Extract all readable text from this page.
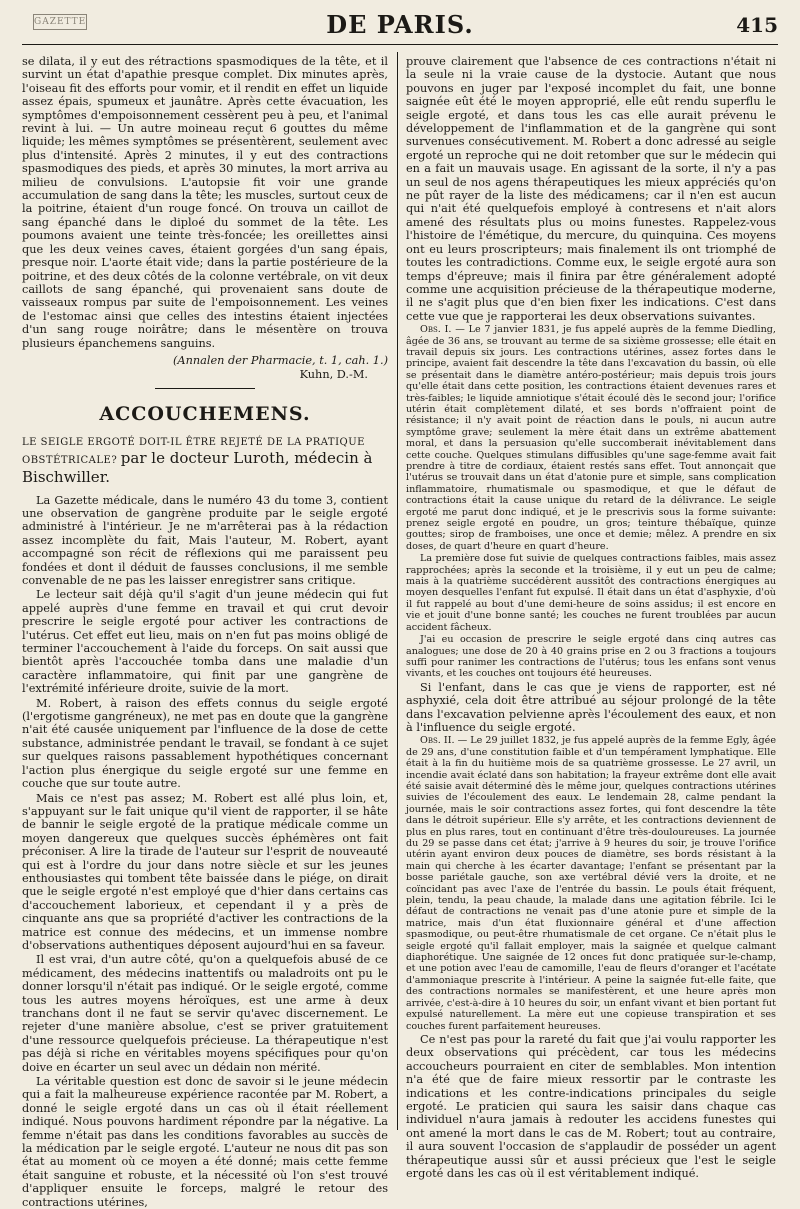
GAZETTE	DE PARIS.	415

se dilata, il y eut des rétractions spasmodiques de la tête, et il survint un état d'apathie presque complet. Dix minutes après, l'oiseau fit des efforts pour vomir, et il rendit en effet un liquide assez épais, spumeux et jaunâtre. Après cette évacuation, les symptômes d'empoisonnement cessèrent peu à peu, et l'animal revint à lui. — Un autre moineau reçut 6 gouttes du même liquide; les mêmes symptômes se présentèrent, seulement avec plus d'intensité. Après 2 minutes, il y eut des contractions spasmodiques des pieds, et après 30 minutes, la mort arriva au milieu de convulsions. L'autopsie fit voir une grande accumulation de sang dans la tête; les muscles, surtout ceux de la poitrine, étaient d'un rouge foncé. On trouva un caillot de sang épanché dans le diploé du sommet de la tête. Les poumons avaient une teinte très-foncée; les oreillettes ainsi que les deux veines caves, étaient gorgées d'un sang épais, presque noir. L'aorte était vide; dans la partie postérieure de la poitrine, et des deux côtés de la colonne vertébrale, on vit deux caillots de sang épanché, qui provenaient sans doute de vaisseaux rompus par suite de l'empoisonnement. Les veines de l'estomac ainsi que celles des intestins étaient injectées d'un sang rouge noirâtre; dans le mésentère on trouva plusieurs épanchemens sanguins.

(Annalen der Pharmacie, t. 1, cah. 1.)

Kuhn, D.-M.

ACCOUCHEMENS.

LE SEIGLE ERGOTÉ DOIT-IL ÊTRE REJETÉ DE LA PRATIQUE OBSTÉTRICALE? par le docteur Luroth, médecin à Bischwiller.

La Gazette médicale, dans le numéro 43 du tome 3, contient une observation de gangrène produite par le seigle ergoté administré à l'intérieur. Je ne m'arrêterai pas à la rédaction assez incomplète du fait, Mais l'auteur, M. Robert, ayant accompagné son récit de réflexions qui me paraissent peu fondées et dont il déduit de fausses conclusions, il me semble convenable de ne pas les laisser enregistrer sans critique.

Le lecteur sait déjà qu'il s'agit d'un jeune médecin qui fut appelé auprès d'une femme en travail et qui crut devoir prescrire le seigle ergoté pour activer les contractions de l'utérus. Cet effet eut lieu, mais on n'en fut pas moins obligé de terminer l'accouchement à l'aide du forceps. On sait aussi que bientôt après l'accouchée tomba dans une maladie d'un caractère inflammatoire, qui finit par une gangrène de l'extrémité inférieure droite, suivie de la mort.

M. Robert, à raison des effets connus du seigle ergoté (l'ergotisme gangréneux), ne met pas en doute que la gangrène n'ait été causée uniquement par l'influence de la dose de cette substance, administrée pendant le travail, se fondant à ce sujet sur quelques raisons passablement hypothétiques concernant l'action plus énergique du seigle ergoté sur une femme en couche que sur toute autre.

Mais ce n'est pas assez; M. Robert est allé plus loin, et, s'appuyant sur le fait unique qu'il vient de rapporter, il se hâte de bannir le seigle ergoté de la pratique médicale comme un moyen dangereux que quelques succès éphémères ont fait préconiser. A lire la tirade de l'auteur sur l'esprit de nouveauté qui est à l'ordre du jour dans notre siècle et sur les jeunes enthousiastes qui tombent tête baissée dans le piége, on dirait que le seigle ergoté n'est employé que d'hier dans certains cas d'accouchement laborieux, et cependant il y a près de cinquante ans que sa propriété d'activer les contractions de la matrice est connue des médecins, et un immense nombre d'observations authentiques déposent aujourd'hui en sa faveur.

Il est vrai, d'un autre côté, qu'on a quelquefois abusé de ce médicament, des médecins inattentifs ou maladroits ont pu le donner lorsqu'il n'était pas indiqué. Or le seigle ergoté, comme tous les autres moyens héroïques, est une arme à deux tranchans dont il ne faut se servir qu'avec discernement. Le rejeter d'une manière absolue, c'est se priver gratuitement d'une ressource quelquefois précieuse. La thérapeutique n'est pas déjà si riche en véritables moyens spécifiques pour qu'on doive en écarter un seul avec un dédain non mérité.

La véritable question est donc de savoir si le jeune médecin qui a fait la malheureuse expérience racontée par M. Robert, a donné le seigle ergoté dans un cas où il était réellement indiqué. Nous pouvons hardiment répondre par la négative. La femme n'était pas dans les conditions favorables au succès de la médication par le seigle ergoté. L'auteur ne nous dit pas son état au moment où ce moyen a été donné; mais cette femme était sanguine et robuste, et la nécessité où l'on s'est trouvé d'appliquer ensuite le forceps, malgré le retour des contractions utérines,

prouve clairement que l'absence de ces contractions n'était ni la seule ni la vraie cause de la dystocie. Autant que nous pouvons en juger par l'exposé incomplet du fait, une bonne saignée eût été le moyen approprié, elle eût rendu superflu le seigle ergoté, et dans tous les cas elle aurait prévenu le développement de l'inflammation et de la gangrène qui sont survenues consécutivement. M. Robert a donc adressé au seigle ergoté un reproche qui ne doit retomber que sur le médecin qui en a fait un mauvais usage. En agissant de la sorte, il n'y a pas un seul de nos agens thérapeutiques les mieux appréciés qu'on ne pût rayer de la liste des médicamens; car il n'en est aucun qui n'ait été quelquefois employé à contresens et n'ait alors amené des résultats plus ou moins funestes. Rappelez-vous l'histoire de l'émétique, du mercure, du quinquina. Ces moyens ont eu leurs proscripteurs; mais finalement ils ont triomphé de toutes les contradictions. Comme eux, le seigle ergoté aura son temps d'épreuve; mais il finira par être généralement adopté comme une acquisition précieuse de la thérapeutique moderne, il ne s'agit plus que d'en bien fixer les indications. C'est dans cette vue que je rapporterai les deux observations suivantes.

Obs. I. — Le 7 janvier 1831, je fus appelé auprès de la femme Diedling, âgée de 36 ans, se trouvant au terme de sa sixième grossesse; elle était en travail depuis six jours. Les contractions utérines, assez fortes dans le principe, avaient fait descendre la tête dans l'excavation du bassin, où elle se présentait dans le diamètre antéro-postérieur; mais depuis trois jours qu'elle était dans cette position, les contractions étaient devenues rares et très-faibles; le liquide amniotique s'était écoulé dès le second jour; l'orifice utérin était complètement dilaté, et ses bords n'offraient point de résistance; il n'y avait point de réaction dans le pouls, ni aucun autre symptôme grave; seulement la mère était dans un extrême abattement moral, et dans la persuasion qu'elle succomberait inévitablement dans cette couche. Quelques stimulans diffusibles qu'une sage-femme avait fait prendre à titre de cordiaux, étaient restés sans effet. Tout annonçait que l'utérus se trouvait dans un état d'atonie pure et simple, sans complication inflammatoire, rhumatismale ou spasmodique, et que le défaut de contractions était la cause unique du retard de la délivrance. Le seigle ergoté me parut donc indiqué, et je le prescrivis sous la forme suivante: prenez seigle ergoté en poudre, un gros; teinture thébaïque, quinze gouttes; sirop de framboises, une once et demie; mêlez. A prendre en six doses, de quart d'heure en quart d'heure.

La première dose fut suivie de quelques contractions faibles, mais assez rapprochées; après la seconde et la troisième, il y eut un peu de calme; mais à la quatrième succédèrent aussitôt des contractions énergiques au moyen desquelles l'enfant fut expulsé. Il était dans un état d'asphyxie, d'où il fut rappelé au bout d'une demi-heure de soins assidus; il est encore en vie et jouit d'une bonne santé; les couches ne furent troublées par aucun accident fâcheux.

J'ai eu occasion de prescrire le seigle ergoté dans cinq autres cas analogues; une dose de 20 à 40 grains prise en 2 ou 3 fractions a toujours suffi pour ranimer les contractions de l'utérus; tous les enfans sont venus vivants, et les couches ont toujours été heureuses.

Si l'enfant, dans le cas que je viens de rapporter, est né asphyxié, cela doit être attribué au séjour prolongé de la tête dans l'excavation pelvienne après l'écoulement des eaux, et non à l'influence du seigle ergoté.

Obs. II. — Le 29 juillet 1832, je fus appelé auprès de la femme Egly, âgée de 29 ans, d'une constitution faible et d'un tempérament lymphatique. Elle était à la fin du huitième mois de sa quatrième grossesse. Le 27 avril, un incendie avait éclaté dans son habitation; la frayeur extrême dont elle avait été saisie avait déterminé dès le même jour, quelques contractions utérines suivies de l'écoulement des eaux. Le lendemain 28, calme pendant la journée, mais le soir contractions assez fortes, qui font descendre la tête dans le détroit supérieur. Elle s'y arrête, et les contractions deviennent de plus en plus rares, tout en continuant d'être très-douloureuses. La journée du 29 se passe dans cet état; j'arrive à 9 heures du soir, je trouve l'orifice utérin ayant environ deux pouces de diamètre, ses bords résistant à la main qui cherche à les écarter davantage; l'enfant se présentant par la bosse pariétale gauche, son axe vertébral dévié vers la droite, et ne coïncidant pas avec l'axe de l'entrée du bassin. Le pouls était fréquent, plein, tendu, la peau chaude, la malade dans une agitation fébrile. Ici le défaut de contractions ne venait pas d'une atonie pure et simple de la matrice, mais d'un état fluxionnaire général et d'une affection spasmodique, ou peut-être rhumatismale de cet organe. Ce n'était plus le seigle ergoté qu'il fallait employer, mais la saignée et quelque calmant diaphorétique. Une saignée de 12 onces fut donc pratiquée sur-le-champ, et une potion avec l'eau de camomille, l'eau de fleurs d'oranger et l'acétate d'ammoniaque prescrite à l'intérieur. A peine la saignée fut-elle faite, que des contractions normales se manifestèrent, et une heure après mon arrivée, c'est-à-dire à 10 heures du soir, un enfant vivant et bien portant fut expulsé naturellement. La mère eut une copieuse transpiration et ses couches furent parfaitement heureuses.

Ce n'est pas pour la rareté du fait que j'ai voulu rapporter les deux observations qui précèdent, car tous les médecins accoucheurs pourraient en citer de semblables. Mon intention n'a été que de faire mieux ressortir par le contraste les indications et les contre-indications principales du seigle ergoté. Le praticien qui saura les saisir dans chaque cas individuel n'aura jamais à redouter les accidens funestes qui ont amené la mort dans le cas de M. Robert; tout au contraire, il aura souvent l'occasion de s'applaudir de posséder un agent thérapeutique aussi sûr et aussi précieux que l'est le seigle ergoté dans les cas où il est véritablement indiqué.
